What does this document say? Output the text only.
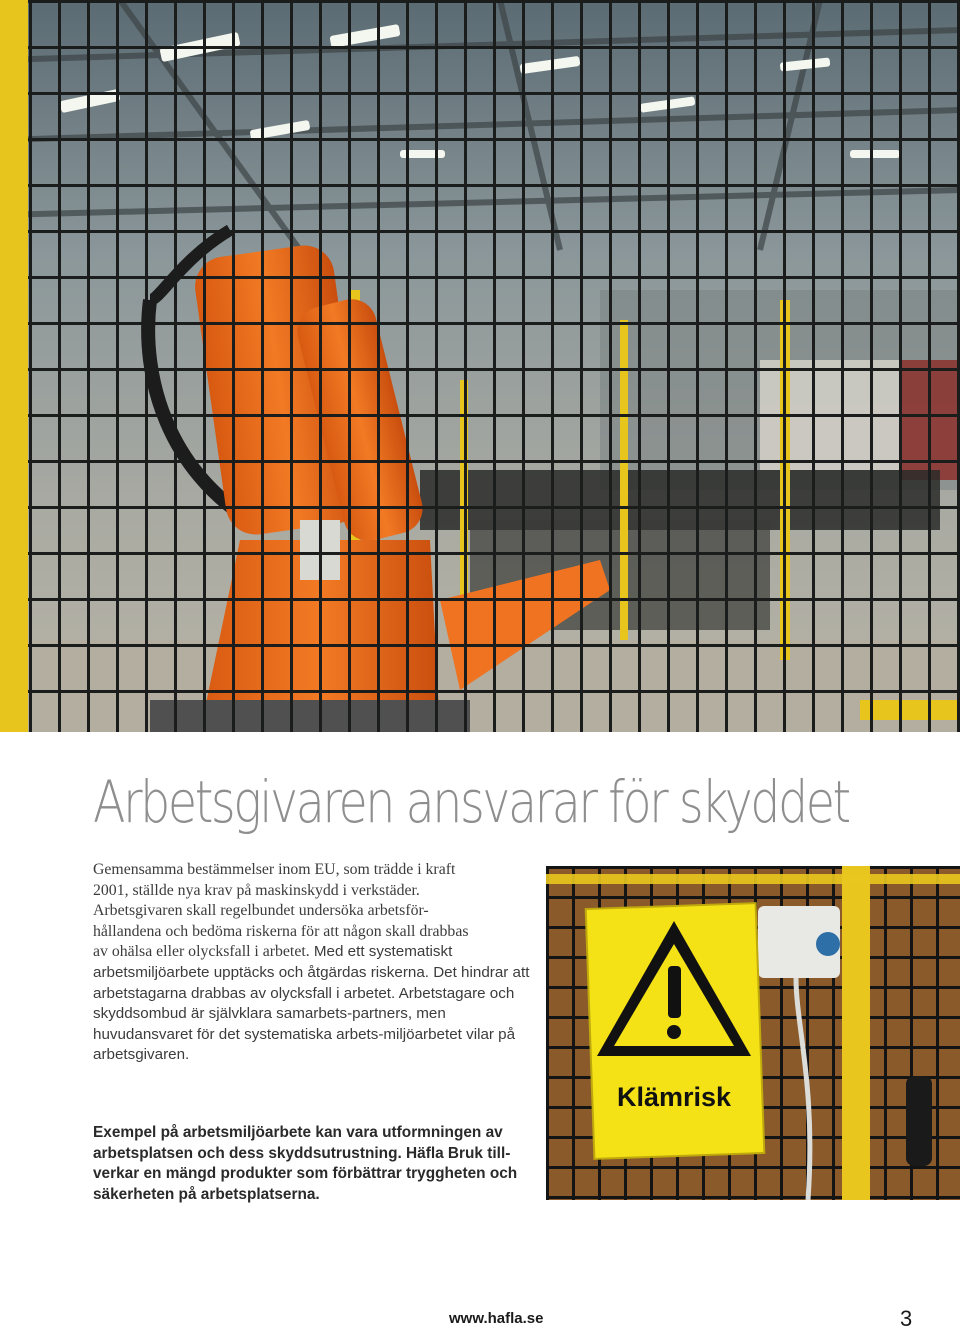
Arbetsgivaren ansvarar för skyddet

Gemensamma bestämmelser inom EU, som trädde i kraft
2001, ställde nya krav på maskinskydd i verkstäder.
Arbetsgivaren skall regelbundet undersöka arbetsför-
hållandena och bedöma riskerna för att någon skall drabbas
av ohälsa eller olycksfall i arbetet. Med ett systematiskt arbetsmiljöarbete upptäcks och åtgärdas riskerna. Det hindrar att arbetstagarna drabbas av olycksfall i arbetet. Arbetstagare och skyddsombud är självklara samarbets-partners, men huvudansvaret för det systematiska arbets-miljöarbetet vilar på arbetsgivaren.

Exempel på arbetsmiljöarbete kan vara utformningen av arbetsplatsen och dess skyddsutrustning. Häfla Bruk till-verkar en mängd produkter som förbättrar tryggheten och säkerheten på arbetsplatserna.

Klämrisk
www.hafla.se	3
